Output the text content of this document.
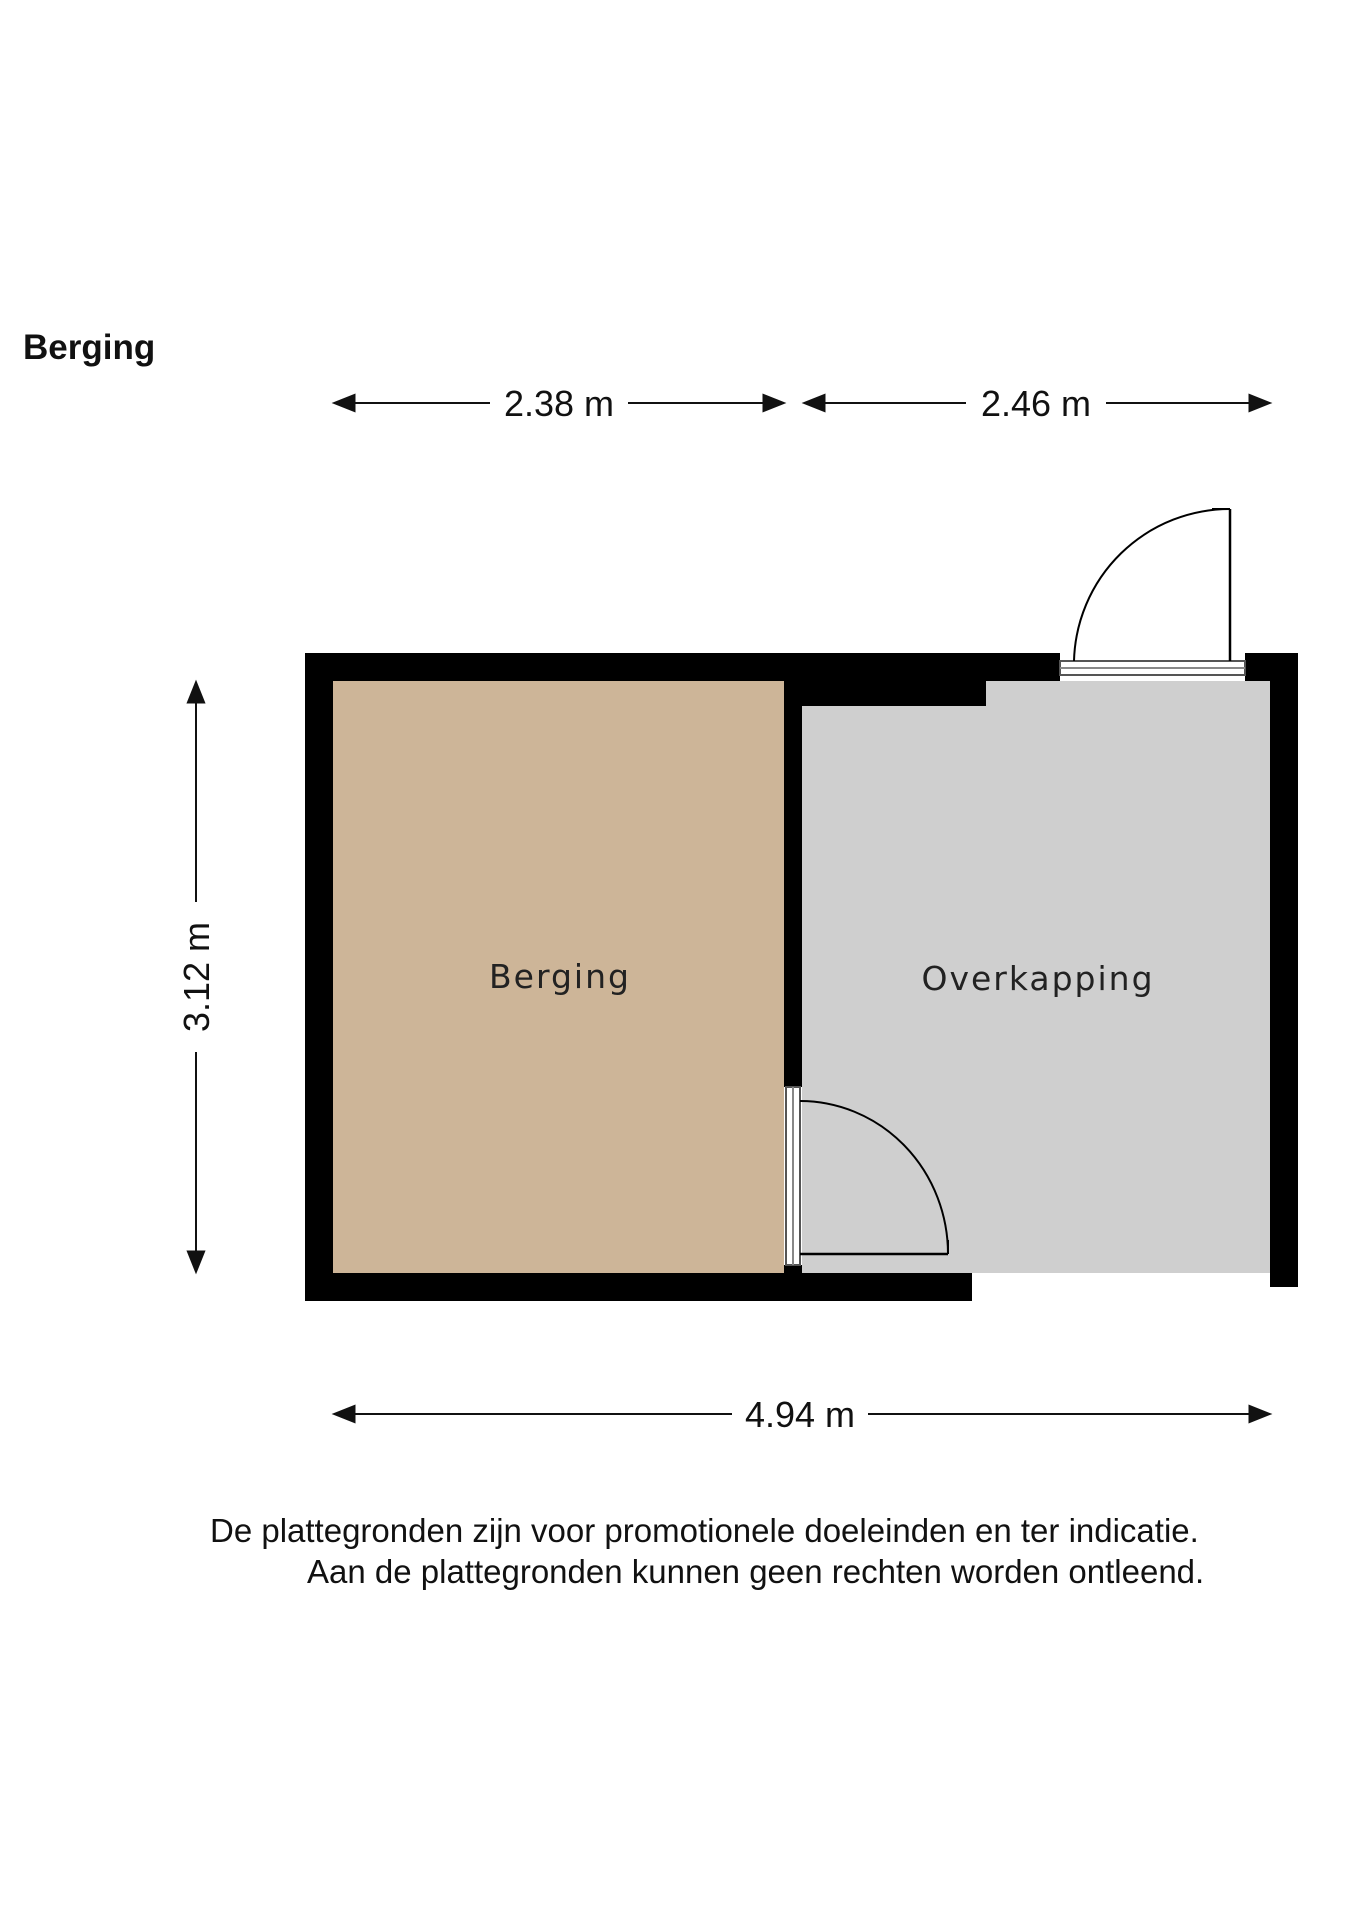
Berging
Berging	Overkapping
2.38 m	2.46 m
3.12 m
4.94 m
De plattegronden zijn voor promotionele doeleinden en ter indicatie.
Aan de plattegronden kunnen geen rechten worden ontleend.
